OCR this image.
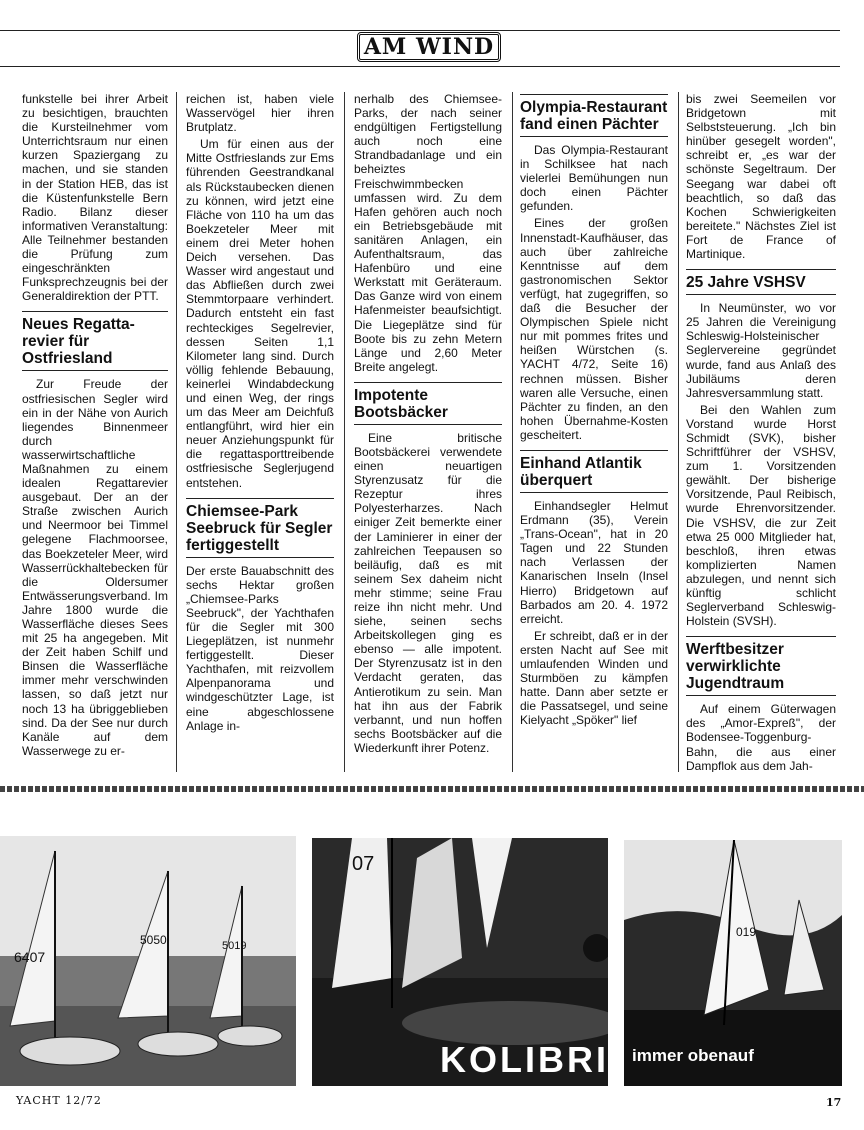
AM WIND

funkstelle bei ihrer Arbeit zu besichtigen, brauchten die Kursteilnehmer vom Unterrichtsraum nur einen kurzen Spaziergang zu machen, und sie standen in der Station HEB, das ist die Küstenfunkstelle Bern Radio. Bilanz dieser informativen Veranstaltung: Alle Teilnehmer bestanden die Prüfung zum eingeschränkten Funksprechzeugnis bei der Generaldirektion der PTT.

Neues Regatta-revier für Ostfriesland

Zur Freude der ostfriesischen Segler wird ein in der Nähe von Aurich liegendes Binnenmeer durch wasserwirtschaftliche Maßnahmen zu einem idealen Regattarevier ausgebaut. Der an der Straße zwischen Aurich und Neermoor bei Timmel gelegene Flachmoorsee, das Boekzeteler Meer, wird Wasserrückhaltebecken für die Oldersumer Entwässerungsverband. Im Jahre 1800 wurde die Wasserfläche dieses Sees mit 25 ha angegeben. Mit der Zeit haben Schilf und Binsen die Wasserfläche immer mehr verschwinden lassen, so daß jetzt nur noch 13 ha übriggeblieben sind. Da der See nur durch Kanäle auf dem Wasserwege zu er-

reichen ist, haben viele Wasservögel hier ihren Brutplatz.

Um für einen aus der Mitte Ostfrieslands zur Ems führenden Geestrandkanal als Rückstaubecken dienen zu können, wird jetzt eine Fläche von 110 ha um das Boekzeteler Meer mit einem drei Meter hohen Deich versehen. Das Wasser wird angestaut und das Abfließen durch zwei Stemmtorpaare verhindert. Dadurch entsteht ein fast rechteckiges Segelrevier, dessen Seiten 1,1 Kilometer lang sind. Durch völlig fehlende Bebauung, keinerlei Windabdeckung und einen Weg, der rings um das Meer am Deichfuß entlangführt, wird hier ein neuer Anziehungspunkt für die regattasporttreibende ostfriesische Seglerjugend entstehen.

Chiemsee-Park Seebruck für Segler fertiggestellt

Der erste Bauabschnitt des sechs Hektar großen „Chiemsee-Parks Seebruck", der Yachthafen für die Segler mit 300 Liegeplätzen, ist nunmehr fertiggestellt. Dieser Yachthafen, mit reizvollem Alpenpanorama und windgeschützter Lage, ist eine abgeschlossene Anlage in-

nerhalb des Chiemsee-Parks, der nach seiner endgültigen Fertigstellung auch noch eine Strandbadanlage und ein beheiztes Freischwimmbecken umfassen wird. Zu dem Hafen gehören auch noch ein Betriebsgebäude mit sanitären Anlagen, ein Aufenthaltsraum, das Hafenbüro und eine Werkstatt mit Geräteraum. Das Ganze wird von einem Hafenmeister beaufsichtigt. Die Liegeplätze sind für Boote bis zu zehn Metern Länge und 2,60 Meter Breite angelegt.

Impotente Bootsbäcker

Eine britische Bootsbäckerei verwendete einen neuartigen Styrenzusatz für die Rezeptur ihres Polyesterharzes. Nach einiger Zeit bemerkte einer der Laminierer in einer der zahlreichen Teepausen so beiläufig, daß es mit seinem Sex daheim nicht mehr stimme; seine Frau reize ihn nicht mehr. Und siehe, seinen sechs Arbeitskollegen ging es ebenso — alle impotent. Der Styrenzusatz ist in den Verdacht geraten, das Antierotikum zu sein. Man hat ihn aus der Fabrik verbannt, und nun hoffen sechs Bootsbäcker auf die Wiederkunft ihrer Potenz.

Olympia-Restaurant fand einen Pächter

Das Olympia-Restaurant in Schilksee hat nach vielerlei Bemühungen nun doch einen Pächter gefunden.

Eines der großen Innenstadt-Kaufhäuser, das auch über zahlreiche Kenntnisse auf dem gastronomischen Sektor verfügt, hat zugegriffen, so daß die Besucher der Olympischen Spiele nicht nur mit pommes frites und heißen Würstchen (s. YACHT 4/72, Seite 16) rechnen müssen. Bisher waren alle Versuche, einen Pächter zu finden, an den hohen Übernahme-Kosten gescheitert.

Einhand Atlantik überquert

Einhandsegler Helmut Erdmann (35), Verein „Trans-Ocean", hat in 20 Tagen und 22 Stunden nach Verlassen der Kanarischen Inseln (Insel Hierro) Bridgetown auf Barbados am 20. 4. 1972 erreicht.

Er schreibt, daß er in der ersten Nacht auf See mit umlaufenden Winden und Sturmböen zu kämpfen hatte. Dann aber setzte er die Passatsegel, und seine Kielyacht „Spöker" lief

bis zwei Seemeilen vor Bridgetown mit Selbststeuerung. „Ich bin hinüber gesegelt worden", schreibt er, „es war der schönste Segeltraum. Der Seegang war dabei oft beachtlich, so daß das Kochen Schwierigkeiten bereitete." Nächstes Ziel ist Fort de France of Martinique.

25 Jahre VSHSV

In Neumünster, wo vor 25 Jahren die Vereinigung Schleswig-Holsteinischer Seglervereine gegründet wurde, fand aus Anlaß des Jubiläums deren Jahresversammlung statt.

Bei den Wahlen zum Vorstand wurde Horst Schmidt (SVK), bisher Schriftführer der VSHSV, zum 1. Vorsitzenden gewählt. Der bisherige Vorsitzende, Paul Reibisch, wurde Ehrenvorsitzender. Die VSHSV, die zur Zeit etwa 25 000 Mitglieder hat, beschloß, ihren etwas komplizierten Namen abzulegen, und nennt sich künftig schlicht Seglerverband Schleswig-Holstein (SVSH).

Werftbesitzer verwirklichte Jugendtraum

Auf einem Güterwagen des „Amor-Expreß", der Bodensee-Toggenburg-Bahn, die aus einer Dampflok aus dem Jah-

6407
5050	5019
07
KOLIBRI
019
immer obenauf
YACHT 12/72	17
